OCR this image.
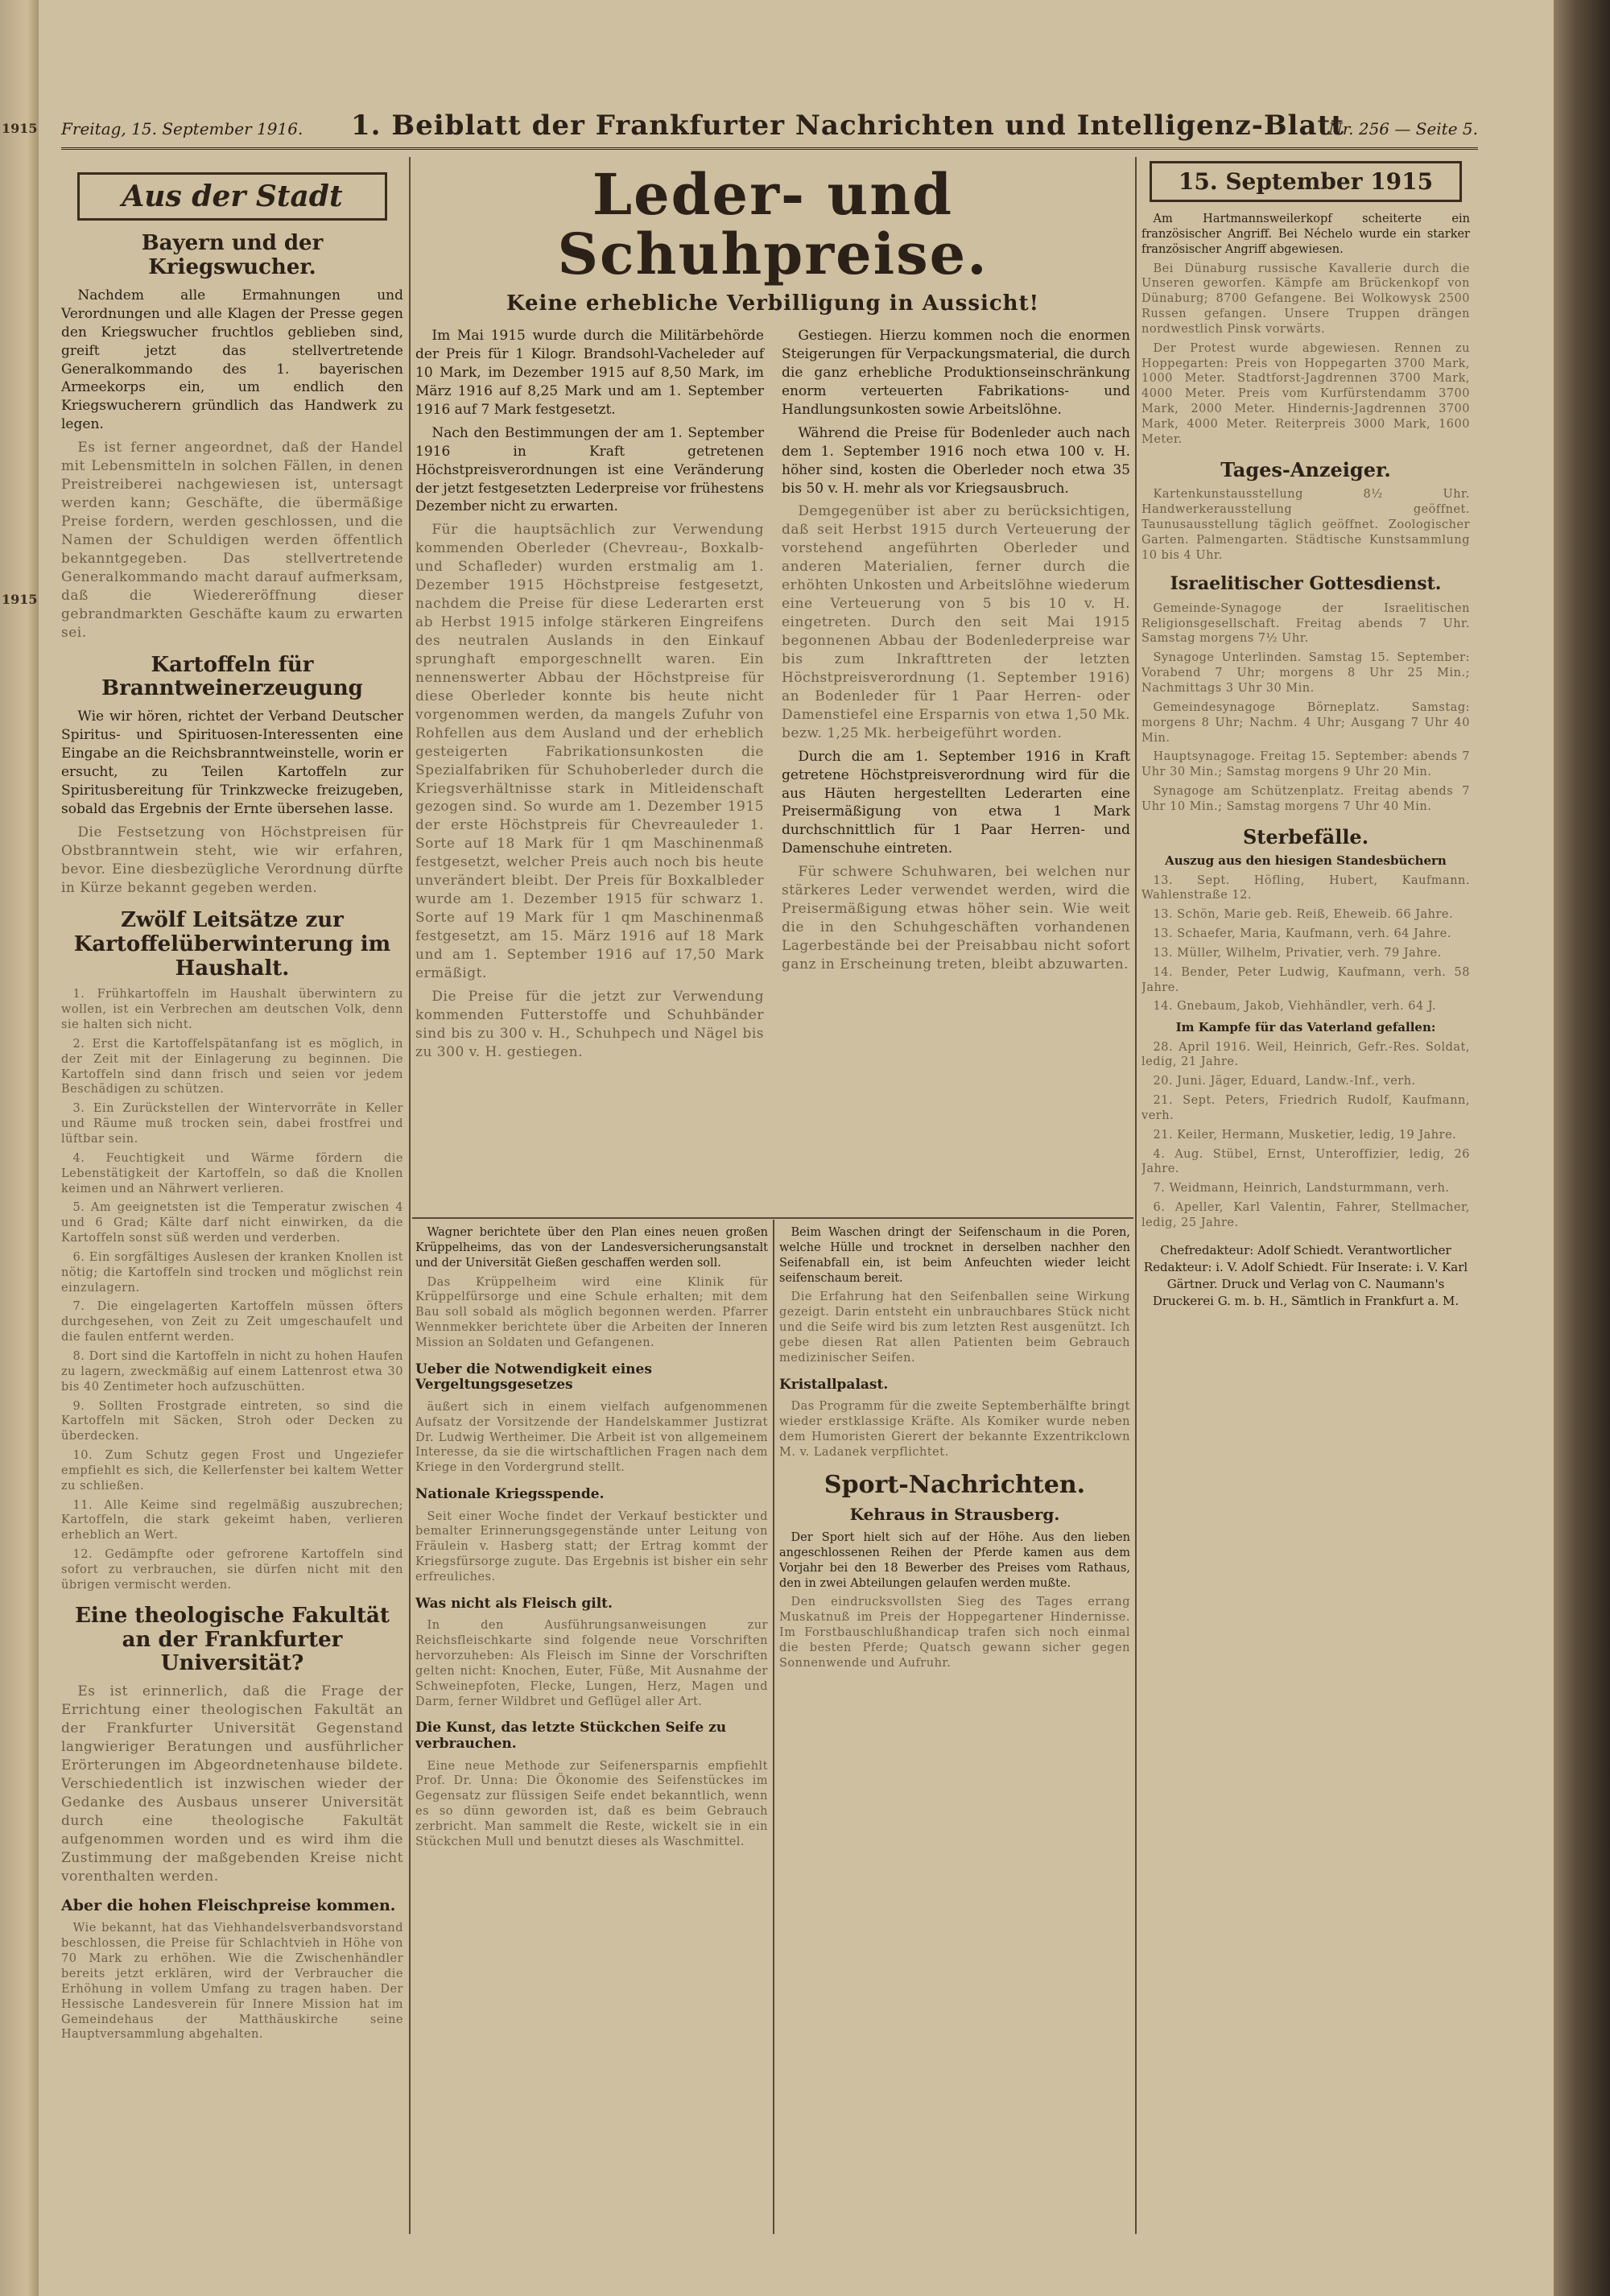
1915
1915
Freitag, 15. September 1916. 1. Beiblatt der Frankfurter Nachrichten und Intelligenz-Blatt
Nr. 256 — Seite 5.
Aus der Stadt
Bayern und der Kriegswucher.

Nachdem alle Ermahnungen und Verordnungen und alle Klagen der Presse gegen den Kriegswucher fruchtlos geblieben sind, greift jetzt das stellvertretende Generalkommando des 1. bayerischen Armeekorps ein, um endlich den Kriegswucherern gründlich das Handwerk zu legen.

Es ist ferner angeordnet, daß der Handel mit Lebensmitteln in solchen Fällen, in denen Preistreiberei nachgewiesen ist, untersagt werden kann; Geschäfte, die übermäßige Preise fordern, werden geschlossen, und die Namen der Schuldigen werden öffentlich bekanntgegeben. Das stellvertretende Generalkommando macht darauf aufmerksam, daß die Wiedereröffnung dieser gebrandmarkten Geschäfte kaum zu erwarten sei.

Kartoffeln für Branntweinerzeugung

Wie wir hören, richtet der Verband Deutscher Spiritus- und Spirituosen-Interessenten eine Eingabe an die Reichsbranntweinstelle, worin er ersucht, zu Teilen Kartoffeln zur Spiritusbereitung für Trinkzwecke freizugeben, sobald das Ergebnis der Ernte übersehen lasse.

Die Festsetzung von Höchstpreisen für Obstbranntwein steht, wie wir erfahren, bevor. Eine diesbezügliche Verordnung dürfte in Kürze bekannt gegeben werden.

Zwölf Leitsätze zur Kartoffelüberwinterung im Haushalt.

1. Frühkartoffeln im Haushalt überwintern zu wollen, ist ein Verbrechen am deutschen Volk, denn sie halten sich nicht.

2. Erst die Kartoffelspätanfang ist es möglich, in der Zeit mit der Einlagerung zu beginnen. Die Kartoffeln sind dann frisch und seien vor jedem Beschädigen zu schützen.

3. Ein Zurückstellen der Wintervorräte in Keller und Räume muß trocken sein, dabei frostfrei und lüftbar sein.

4. Feuchtigkeit und Wärme fördern die Lebenstätigkeit der Kartoffeln, so daß die Knollen keimen und an Nährwert verlieren.

5. Am geeignetsten ist die Temperatur zwischen 4 und 6 Grad; Kälte darf nicht einwirken, da die Kartoffeln sonst süß werden und verderben.

6. Ein sorgfältiges Auslesen der kranken Knollen ist nötig; die Kartoffeln sind trocken und möglichst rein einzulagern.

7. Die eingelagerten Kartoffeln müssen öfters durchgesehen, von Zeit zu Zeit umgeschaufelt und die faulen entfernt werden.

8. Dort sind die Kartoffeln in nicht zu hohen Haufen zu lagern, zweckmäßig auf einem Lattenrost etwa 30 bis 40 Zentimeter hoch aufzuschütten.

9. Sollten Frostgrade eintreten, so sind die Kartoffeln mit Säcken, Stroh oder Decken zu überdecken.

10. Zum Schutz gegen Frost und Ungeziefer empfiehlt es sich, die Kellerfenster bei kaltem Wetter zu schließen.

11. Alle Keime sind regelmäßig auszubrechen; Kartoffeln, die stark gekeimt haben, verlieren erheblich an Wert.

12. Gedämpfte oder gefrorene Kartoffeln sind sofort zu verbrauchen, sie dürfen nicht mit den übrigen vermischt werden.

Eine theologische Fakultät an der Frankfurter Universität?

Es ist erinnerlich, daß die Frage der Errichtung einer theologischen Fakultät an der Frankfurter Universität Gegenstand langwieriger Beratungen und ausführlicher Erörterungen im Abgeordnetenhause bildete. Verschiedentlich ist inzwischen wieder der Gedanke des Ausbaus unserer Universität durch eine theologische Fakultät aufgenommen worden und es wird ihm die Zustimmung der maßgebenden Kreise nicht vorenthalten werden.

Aber die hohen Fleischpreise kommen.

Wie bekannt, hat das Viehhandelsverbandsvorstand beschlossen, die Preise für Schlachtvieh in Höhe von 70 Mark zu erhöhen. Wie die Zwischenhändler bereits jetzt erklären, wird der Verbraucher die Erhöhung in vollem Umfang zu tragen haben. Der Hessische Landesverein für Innere Mission hat im Gemeindehaus der Matthäuskirche seine Hauptversammlung abgehalten.

Leder- und Schuhpreise.
Keine erhebliche Verbilligung in Aussicht!

Im Mai 1915 wurde durch die Militärbehörde der Preis für 1 Kilogr. Brandsohl-Vacheleder auf 10 Mark, im Dezember 1915 auf 8,50 Mark, im März 1916 auf 8,25 Mark und am 1. September 1916 auf 7 Mark festgesetzt.

Nach den Bestimmungen der am 1. September 1916 in Kraft getretenen Höchstpreisverordnungen ist eine Veränderung der jetzt festgesetzten Lederpreise vor frühestens Dezember nicht zu erwarten.

Für die hauptsächlich zur Verwendung kommenden Oberleder (Chevreau-, Boxkalb- und Schafleder) wurden erstmalig am 1. Dezember 1915 Höchstpreise festgesetzt, nachdem die Preise für diese Lederarten erst ab Herbst 1915 infolge stärkeren Eingreifens des neutralen Auslands in den Einkauf sprunghaft emporgeschnellt waren. Ein nennenswerter Abbau der Höchstpreise für diese Oberleder konnte bis heute nicht vorgenommen werden, da mangels Zufuhr von Rohfellen aus dem Ausland und der erheblich gesteigerten Fabrikationsunkosten die Spezialfabriken für Schuhoberleder durch die Kriegsverhältnisse stark in Mitleidenschaft gezogen sind. So wurde am 1. Dezember 1915 der erste Höchstpreis für Chevreauleder 1. Sorte auf 18 Mark für 1 qm Maschinenmaß festgesetzt, welcher Preis auch noch bis heute unverändert bleibt. Der Preis für Boxkalbleder wurde am 1. Dezember 1915 für schwarz 1. Sorte auf 19 Mark für 1 qm Maschinenmaß festgesetzt, am 15. März 1916 auf 18 Mark und am 1. September 1916 auf 17,50 Mark ermäßigt.

Die Preise für die jetzt zur Verwendung kommenden Futterstoffe und Schuhbänder sind bis zu 300 v. H., Schuhpech und Nägel bis zu 300 v. H. gestiegen.

Gestiegen. Hierzu kommen noch die enormen Steigerungen für Verpackungsmaterial, die durch die ganz erhebliche Produktionseinschränkung enorm verteuerten Fabrikations- und Handlungsunkosten sowie Arbeitslöhne.

Während die Preise für Bodenleder auch nach dem 1. September 1916 noch etwa 100 v. H. höher sind, kosten die Oberleder noch etwa 35 bis 50 v. H. mehr als vor Kriegsausbruch.

Demgegenüber ist aber zu berücksichtigen, daß seit Herbst 1915 durch Verteuerung der vorstehend angeführten Oberleder und anderen Materialien, ferner durch die erhöhten Unkosten und Arbeitslöhne wiederum eine Verteuerung von 5 bis 10 v. H. eingetreten. Durch den seit Mai 1915 begonnenen Abbau der Bodenlederpreise war bis zum Inkrafttreten der letzten Höchstpreisverordnung (1. September 1916) an Bodenleder für 1 Paar Herren- oder Damenstiefel eine Ersparnis von etwa 1,50 Mk. bezw. 1,25 Mk. herbeigeführt worden.

Durch die am 1. September 1916 in Kraft getretene Höchstpreisverordnung wird für die aus Häuten hergestellten Lederarten eine Preisermäßigung von etwa 1 Mark durchschnittlich für 1 Paar Herren- und Damenschuhe eintreten.

Für schwere Schuhwaren, bei welchen nur stärkeres Leder verwendet werden, wird die Preisermäßigung etwas höher sein. Wie weit die in den Schuhgeschäften vorhandenen Lagerbestände bei der Preisabbau nicht sofort ganz in Erscheinung treten, bleibt abzuwarten.

Wagner berichtete über den Plan eines neuen großen Krüppelheims, das von der Landesversicherungsanstalt und der Universität Gießen geschaffen werden soll.

Das Krüppelheim wird eine Klinik für Krüppelfürsorge und eine Schule erhalten; mit dem Bau soll sobald als möglich begonnen werden. Pfarrer Wennmekker berichtete über die Arbeiten der Inneren Mission an Soldaten und Gefangenen.

Ueber die Notwendigkeit eines Vergeltungsgesetzes

äußert sich in einem vielfach aufgenommenen Aufsatz der Vorsitzende der Handelskammer Justizrat Dr. Ludwig Wertheimer. Die Arbeit ist von allgemeinem Interesse, da sie die wirtschaftlichen Fragen nach dem Kriege in den Vordergrund stellt.

Nationale Kriegsspende.

Seit einer Woche findet der Verkauf bestickter und bemalter Erinnerungsgegenstände unter Leitung von Fräulein v. Hasberg statt; der Ertrag kommt der Kriegsfürsorge zugute. Das Ergebnis ist bisher ein sehr erfreuliches.

Was nicht als Fleisch gilt.

In den Ausführungsanweisungen zur Reichsfleischkarte sind folgende neue Vorschriften hervorzuheben: Als Fleisch im Sinne der Vorschriften gelten nicht: Knochen, Euter, Füße, Mit Ausnahme der Schweinepfoten, Flecke, Lungen, Herz, Magen und Darm, ferner Wildbret und Geflügel aller Art.

Die Kunst, das letzte Stückchen Seife zu verbrauchen.

Eine neue Methode zur Seifenersparnis empfiehlt Prof. Dr. Unna: Die Ökonomie des Seifenstückes im Gegensatz zur flüssigen Seife endet bekanntlich, wenn es so dünn geworden ist, daß es beim Gebrauch zerbricht. Man sammelt die Reste, wickelt sie in ein Stückchen Mull und benutzt dieses als Waschmittel.

Beim Waschen dringt der Seifenschaum in die Poren, welche Hülle und trocknet in derselben nachher den Seifenabfall ein, ist beim Anfeuchten wieder leicht seifenschaum bereit.

Die Erfahrung hat den Seifenballen seine Wirkung gezeigt. Darin entsteht ein unbrauchbares Stück nicht und die Seife wird bis zum letzten Rest ausgenützt. Ich gebe diesen Rat allen Patienten beim Gebrauch medizinischer Seifen.

Kristallpalast.

Das Programm für die zweite Septemberhälfte bringt wieder erstklassige Kräfte. Als Komiker wurde neben dem Humoristen Gierert der bekannte Exzentrikclown M. v. Ladanek verpflichtet.

Sport-Nachrichten.
Kehraus in Strausberg.

Der Sport hielt sich auf der Höhe. Aus den lieben angeschlossenen Reihen der Pferde kamen aus dem Vorjahr bei den 18 Bewerber des Preises vom Rathaus, den in zwei Abteilungen gelaufen werden mußte.

Den eindrucksvollsten Sieg des Tages errang Muskatnuß im Preis der Hoppegartener Hindernisse. Im Forstbauschlußhandicap trafen sich noch einmal die besten Pferde; Quatsch gewann sicher gegen Sonnenwende und Aufruhr.

15. September 1915

Am Hartmannsweilerkopf scheiterte ein französischer Angriff. Bei Néchelo wurde ein starker französischer Angriff abgewiesen.

Bei Dünaburg russische Kavallerie durch die Unseren geworfen. Kämpfe am Brückenkopf von Dünaburg; 8700 Gefangene. Bei Wolkowysk 2500 Russen gefangen. Unsere Truppen drängen nordwestlich Pinsk vorwärts.

Der Protest wurde abgewiesen. Rennen zu Hoppegarten: Preis von Hoppegarten 3700 Mark, 1000 Meter. Stadtforst-Jagdrennen 3700 Mark, 4000 Meter. Preis vom Kurfürstendamm 3700 Mark, 2000 Meter. Hindernis-Jagdrennen 3700 Mark, 4000 Meter. Reiterpreis 3000 Mark, 1600 Meter.

Tages-Anzeiger.

Kartenkunstausstellung 8½ Uhr. Handwerkerausstellung geöffnet. Taunusausstellung täglich geöffnet. Zoologischer Garten. Palmengarten. Städtische Kunstsammlung 10 bis 4 Uhr.

Israelitischer Gottesdienst.

Gemeinde-Synagoge der Israelitischen Religionsgesellschaft. Freitag abends 7 Uhr. Samstag morgens 7½ Uhr.

Synagoge Unterlinden. Samstag 15. September: Vorabend 7 Uhr; morgens 8 Uhr 25 Min.; Nachmittags 3 Uhr 30 Min.

Gemeindesynagoge Börneplatz. Samstag: morgens 8 Uhr; Nachm. 4 Uhr; Ausgang 7 Uhr 40 Min.

Hauptsynagoge. Freitag 15. September: abends 7 Uhr 30 Min.; Samstag morgens 9 Uhr 20 Min.

Synagoge am Schützenplatz. Freitag abends 7 Uhr 10 Min.; Samstag morgens 7 Uhr 40 Min.

Sterbefälle.
Auszug aus den hiesigen Standesbüchern

13. Sept. Höfling, Hubert, Kaufmann. Wahlenstraße 12.

13. Schön, Marie geb. Reiß, Eheweib. 66 Jahre.

13. Schaefer, Maria, Kaufmann, verh. 64 Jahre.

13. Müller, Wilhelm, Privatier, verh. 79 Jahre.

14. Bender, Peter Ludwig, Kaufmann, verh. 58 Jahre.

14. Gnebaum, Jakob, Viehhändler, verh. 64 J.

Im Kampfe für das Vaterland gefallen:

28. April 1916. Weil, Heinrich, Gefr.-Res. Soldat, ledig, 21 Jahre.

20. Juni. Jäger, Eduard, Landw.-Inf., verh.

21. Sept. Peters, Friedrich Rudolf, Kaufmann, verh.

21. Keiler, Hermann, Musketier, ledig, 19 Jahre.

4. Aug. Stübel, Ernst, Unteroffizier, ledig, 26 Jahre.

7. Weidmann, Heinrich, Landsturmmann, verh.

6. Apeller, Karl Valentin, Fahrer, Stellmacher, ledig, 25 Jahre.

Chefredakteur: Adolf Schiedt. Verantwortlicher Redakteur: i. V. Adolf Schiedt. Für Inserate: i. V. Karl Gärtner. Druck und Verlag von C. Naumann's Druckerei G. m. b. H., Sämtlich in Frankfurt a. M.
